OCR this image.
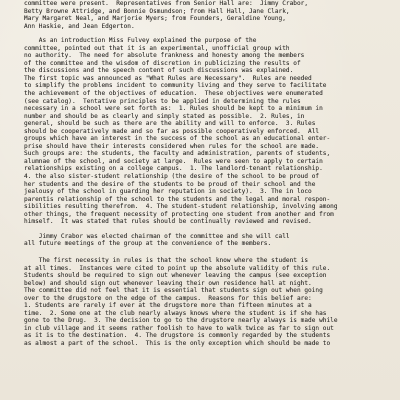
committee were present.  Representatives from Senior Hall are:  Jimmy Crabor,
Betty Browne Attridge, and Bonnie Osmundson; from Hall Hall, Jane Clark,
Mary Margaret Neal, and Marjorie Myers; from Founders, Geraldine Young,
Ann Haskie, and Jean Edgerton.
As an introduction Miss Fulvey explained the purpose of the
committee, pointed out that it is an experimental, unofficial group with
no authority.  The need for absolute frankness and honesty among the members
of the committee and the wisdom of discretion in publicizing the results of
the discussions and the speech content of such discussions was explained.
The first topic was announced as "What Rules are Necessary".  Rules are needed
to simplify the problems incident to community living and they serve to facilitate
the achievement of the objectives of education.  These objectives were enumerated
(see catalog).  Tentative principles to be applied in determining the rules
necessary in a school were set forth as:  1. Rules should be kept to a minimum in
number and should be as clearly and simply stated as possible.  2. Rules, in
general, should be such as there are the ability and will to enforce.  3. Rules
should be cooperatively made and so far as possible cooperatively enforced.  All
groups which have an interest in the success of the school as an educational enter-
prise should have their interests considered when rules for the school are made.
Such groups are: the students, the faculty and administration, parents of students,
alumnae of the school, and society at large.  Rules were seen to apply to certain
relationships existing on a college campus.  1. The landlord-tenant relationship.
4. the also sister-student relationship (the desire of the school to be proud of
her students and the desire of the students to be proud of their school and the
jealousy of the school in guarding her reputation in society).  3. The in loco
parentis relationship of the school to the students and the legal and moral respon-
sibilities resulting therefrom.  4. The student-student relationship, involving among
other things, the frequent necessity of protecting one student from another and from
himself.  It was stated that rules should be continually reviewed and revised.
Jimmy Crabor was elected chairman of the committee and she will call
all future meetings of the group at the convenience of the members.
The first necessity in rules is that the school know where the student is
at all times.  Instances were cited to point up the absolute validity of this rule.
Students should be required to sign out whenever leaving the campus (see exception
below) and should sign out whenever leaving their own residence hall at night.
The committee did not feel that it is essential that students sign out when going
over to the drugstore on the edge of the campus.  Reasons for this belief are:
1. Students are rarely if ever at the drugstore more than fifteen minutes at a
time.  2. Some one at the club nearly always knows where the student is if she has
gone to the Drug.  3. The decision to go to the drugstore nearly always is made while
in club village and it seems rather foolish to have to walk twice as far to sign out
as it is to the destination.  4. The drugstore is commonly regarded by the students
as almost a part of the school.  This is the only exception which should be made to
